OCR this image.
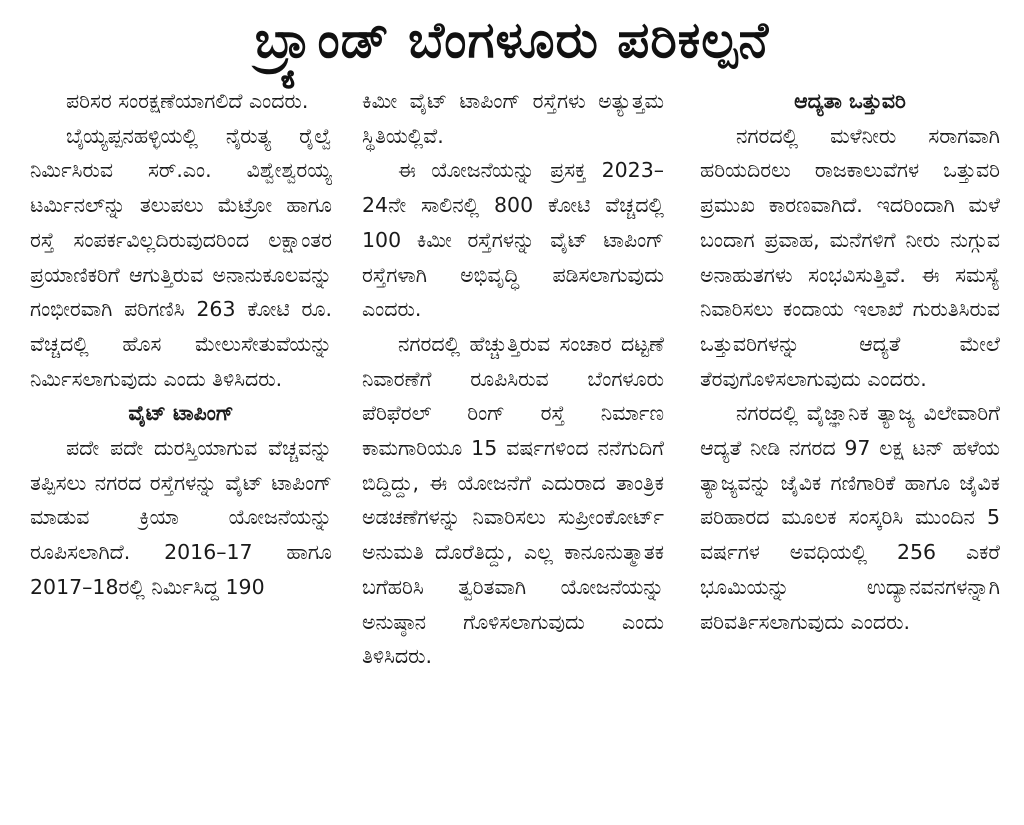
ಬ್ರ್ಯಾಂಡ್ ಬೆಂಗಳೂರು ಪರಿಕಲ್ಪನೆ

ಪರಿಸರ ಸಂರಕ್ಷಣೆಯಾಗಲಿದೆ ಎಂದರು.

ಬೈಯ್ಯಪ್ಪನಹಳ್ಳಿಯಲ್ಲಿ ನೈರುತ್ಯ ರೈಲ್ವೆ ನಿರ್ಮಿಸಿರುವ ಸರ್.ಎಂ. ವಿಶ್ವೇಶ್ವರಯ್ಯ ಟರ್ಮಿನಲ್‌ನ್ನು ತಲುಪಲು ಮೆಟ್ರೋ ಹಾಗೂ ರಸ್ತೆ ಸಂಪರ್ಕವಿಲ್ಲದಿರುವುದರಿಂದ ಲಕ್ಷಾಂತರ ಪ್ರಯಾಣಿಕರಿಗೆ ಆಗುತ್ತಿರುವ ಅನಾನುಕೂಲವನ್ನು ಗಂಭೀರವಾಗಿ ಪರಿಗಣಿಸಿ 263 ಕೋಟಿ ರೂ. ವೆಚ್ಚದಲ್ಲಿ ಹೊಸ ಮೇಲುಸೇತುವೆಯನ್ನು ನಿರ್ಮಿಸಲಾಗುವುದು ಎಂದು ತಿಳಿಸಿದರು.

ವೈಟ್ ಟಾಪಿಂಗ್

ಪದೇ ಪದೇ ದುರಸ್ತಿಯಾಗುವ ವೆಚ್ಚವನ್ನು ತಪ್ಪಿಸಲು ನಗರದ ರಸ್ತೆಗಳನ್ನು ವೈಟ್ ಟಾಪಿಂಗ್ ಮಾಡುವ ಕ್ರಿಯಾ ಯೋಜನೆಯನ್ನು ರೂಪಿಸಲಾಗಿದೆ. 2016–17 ಹಾಗೂ 2017–18ರಲ್ಲಿ ನಿರ್ಮಿಸಿದ್ದ 190

ಕಿಮೀ ವೈಟ್ ಟಾಪಿಂಗ್ ರಸ್ತೆಗಳು ಅತ್ಯುತ್ತಮ ಸ್ಥಿತಿಯಲ್ಲಿವೆ.

ಈ ಯೋಜನೆಯನ್ನು ಪ್ರಸಕ್ತ 2023–24ನೇ ಸಾಲಿನಲ್ಲಿ 800 ಕೋಟಿ ವೆಚ್ಚದಲ್ಲಿ 100 ಕಿಮೀ ರಸ್ತೆಗಳನ್ನು ವೈಟ್ ಟಾಪಿಂಗ್ ರಸ್ತೆಗಳಾಗಿ ಅಭಿವೃದ್ಧಿ ಪಡಿಸಲಾಗುವುದು ಎಂದರು.

ನಗರದಲ್ಲಿ ಹೆಚ್ಚುತ್ತಿರುವ ಸಂಚಾರ ದಟ್ಟಣೆ ನಿವಾರಣೆಗೆ ರೂಪಿಸಿರುವ ಬೆಂಗಳೂರು ಪೆರಿಫೆರಲ್ ರಿಂಗ್ ರಸ್ತೆ ನಿರ್ಮಾಣ ಕಾಮಗಾರಿಯೂ 15 ವರ್ಷಗಳಿಂದ ನನೆಗುದಿಗೆ ಬಿದ್ದಿದ್ದು, ಈ ಯೋಜನೆಗೆ ಎದುರಾದ ತಾಂತ್ರಿಕ ಅಡಚಣೆಗಳನ್ನು ನಿವಾರಿಸಲು ಸುಪ್ರೀಂಕೋರ್ಟ್ ಅನುಮತಿ ದೊರೆತಿದ್ದು, ಎಲ್ಲ ಕಾನೂನುತ್ಮಾತಕ ಬಗೆಹರಿಸಿ ತ್ವರಿತವಾಗಿ ಯೋಜನೆಯನ್ನು ಅನುಷ್ಠಾನ ಗೊಳಿಸಲಾಗುವುದು ಎಂದು ತಿಳಿಸಿದರು.

ಆದ್ಯತಾ ಒತ್ತುವರಿ

ನಗರದಲ್ಲಿ ಮಳೆನೀರು ಸರಾಗವಾಗಿ ಹರಿಯದಿರಲು ರಾಜಕಾಲುವೆಗಳ ಒತ್ತುವರಿ ಪ್ರಮುಖ ಕಾರಣವಾಗಿದೆ. ಇದರಿಂದಾಗಿ ಮಳೆ ಬಂದಾಗ ಪ್ರವಾಹ, ಮನೆಗಳಿಗೆ ನೀರು ನುಗ್ಗುವ ಅನಾಹುತಗಳು ಸಂಭವಿಸುತ್ತಿವೆ. ಈ ಸಮಸ್ಯೆ ನಿವಾರಿಸಲು ಕಂದಾಯ ಇಲಾಖೆ ಗುರುತಿಸಿರುವ ಒತ್ತುವರಿಗಳನ್ನು ಆದ್ಯತೆ ಮೇಲೆ ತೆರವುಗೊಳಿಸಲಾಗುವುದು ಎಂದರು.

ನಗರದಲ್ಲಿ ವೈಜ್ಞಾನಿಕ ತ್ಯಾಜ್ಯ ವಿಲೇವಾರಿಗೆ ಆದ್ಯತೆ ನೀಡಿ ನಗರದ 97 ಲಕ್ಷ ಟನ್ ಹಳೆಯ ತ್ಯಾಜ್ಯವನ್ನು ಜೈವಿಕ ಗಣಿಗಾರಿಕೆ ಹಾಗೂ ಜೈವಿಕ ಪರಿಹಾರದ ಮೂಲಕ ಸಂಸ್ಕರಿಸಿ ಮುಂದಿನ 5 ವರ್ಷಗಳ ಅವಧಿಯಲ್ಲಿ 256 ಎಕರೆ ಭೂಮಿಯನ್ನು ಉದ್ಯಾನವನಗಳನ್ನಾಗಿ ಪರಿವರ್ತಿಸಲಾಗುವುದು ಎಂದರು.
